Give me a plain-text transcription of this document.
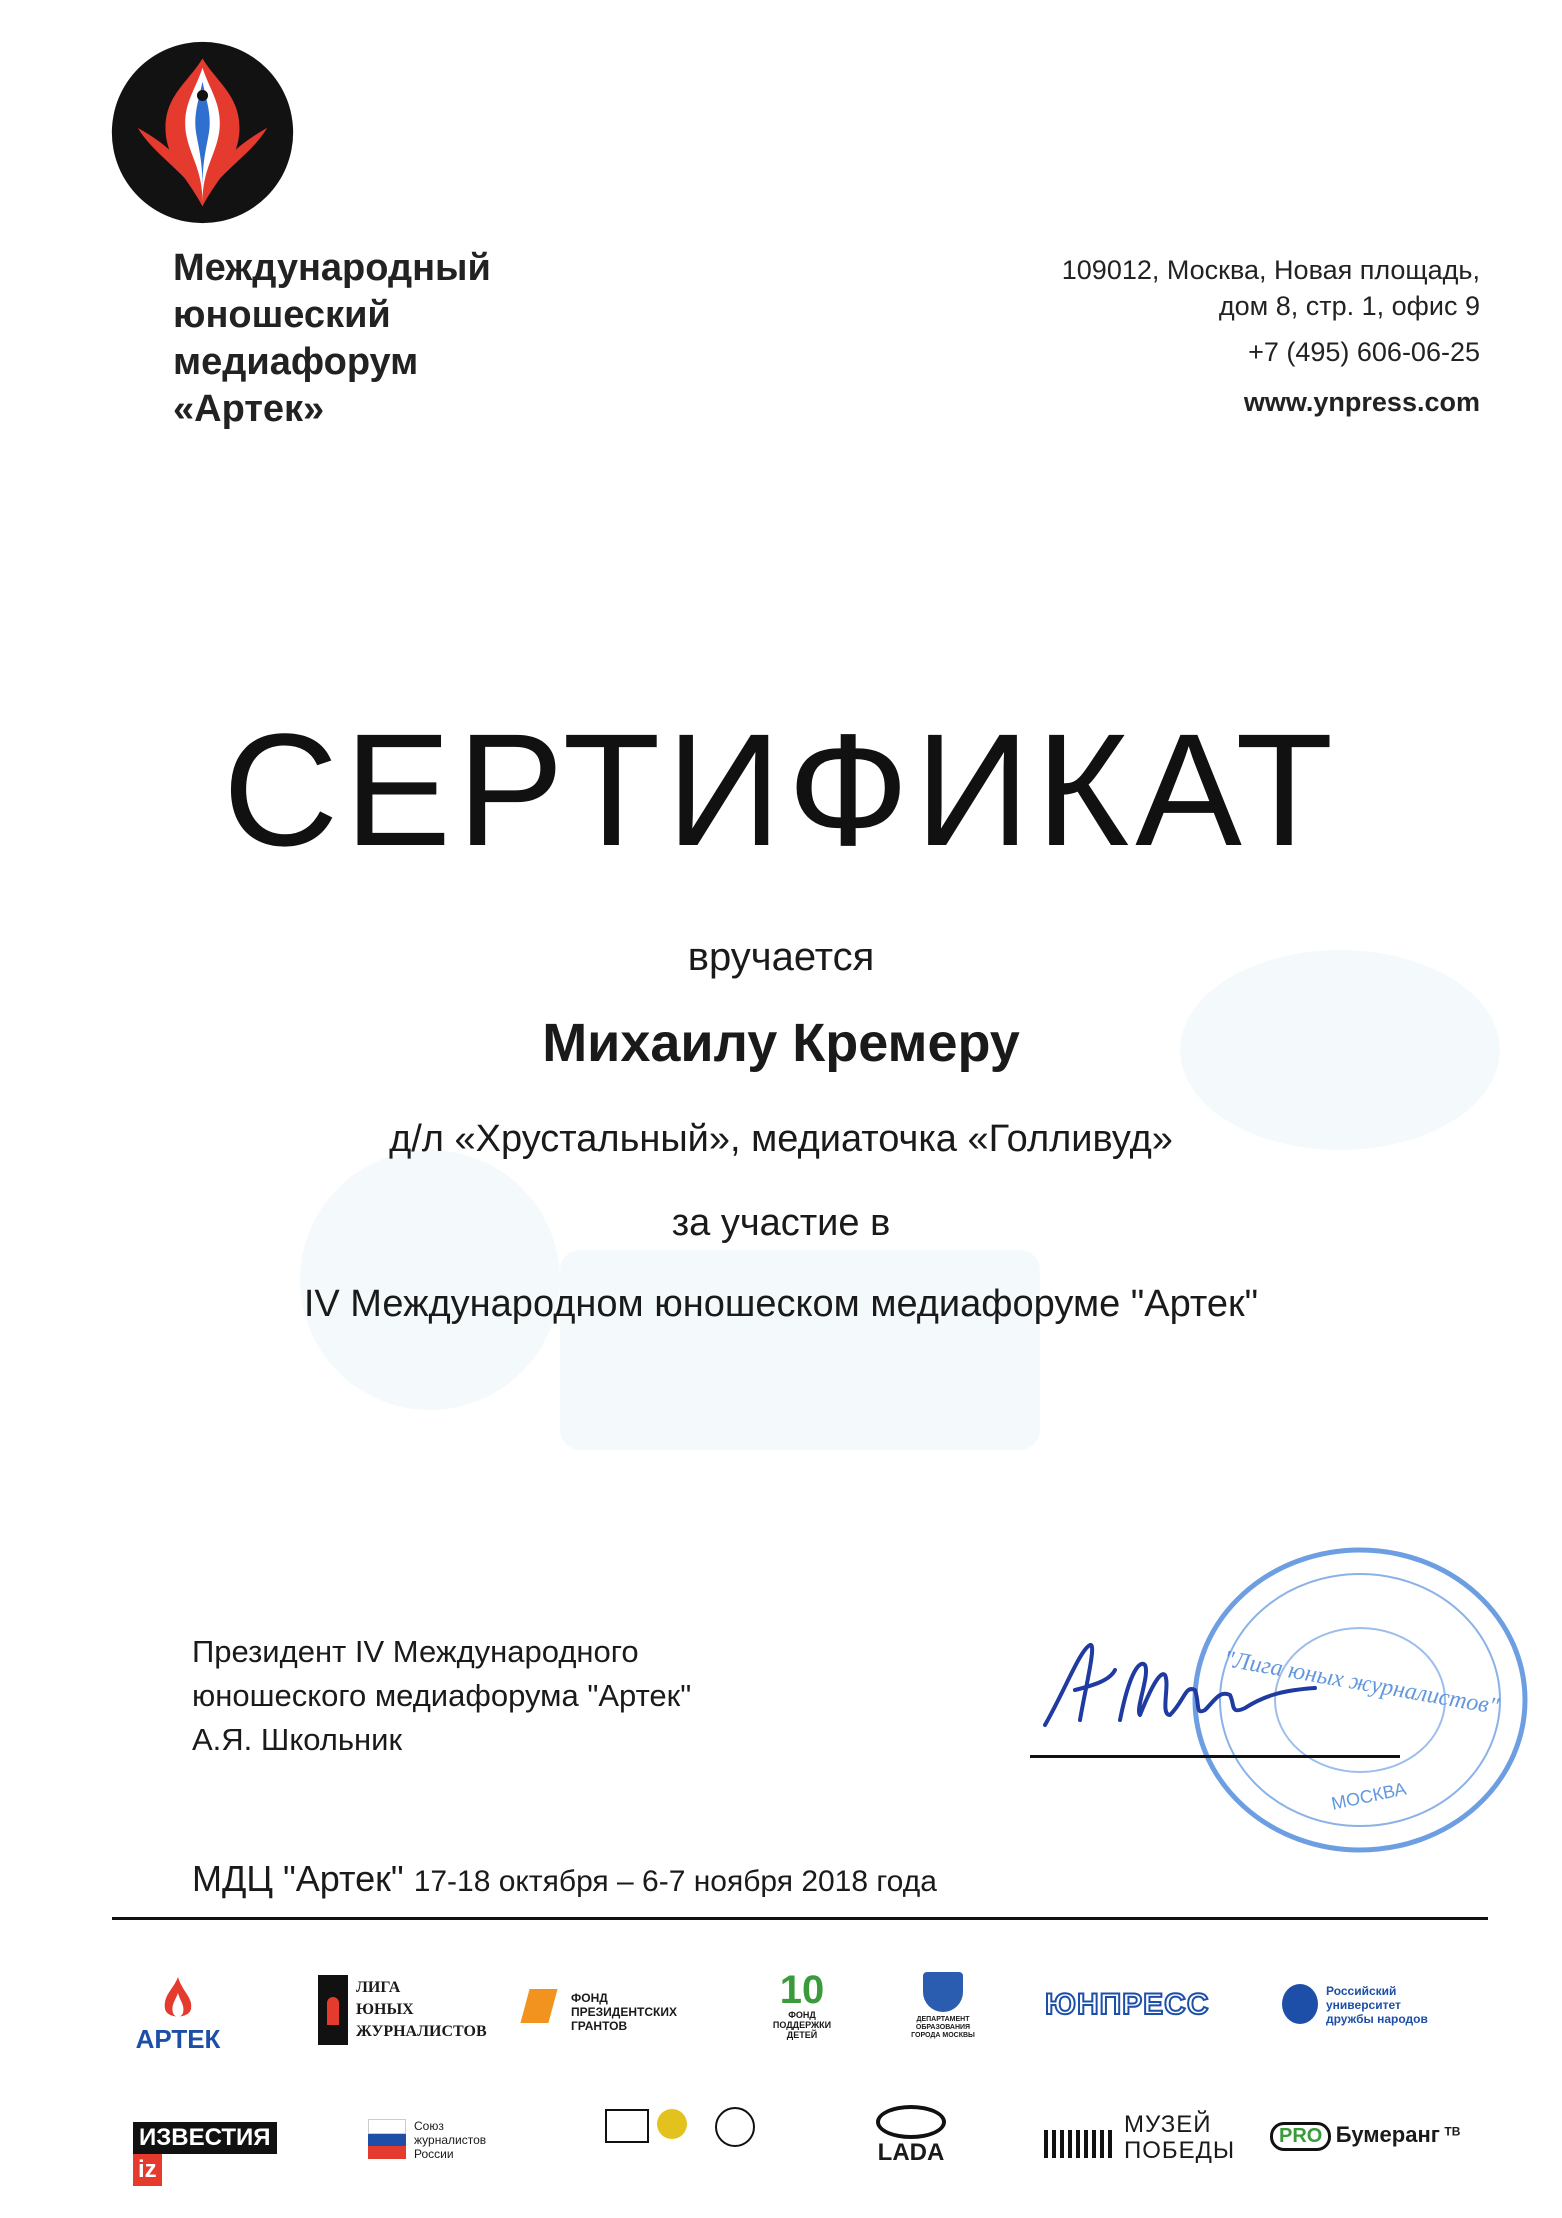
Международный
юношеский
медиафорум
«Артек»
109012, Москва, Новая площадь,
дом 8, стр. 1, офис 9
+7 (495) 606-06-25
www.ynpress.com
СЕРТИФИКАТ
вручается
Михаилу Кремеру
д/л «Хрустальный», медиаточка «Голливуд»
за участие в
IV Международном юношеском медиафоруме "Артек"
Президент IV Международного
юношеского медиафорума "Артек"
А.Я. Школьник
"Лига юных журналистов"
МОСКВА
МДЦ "Артек" 17-18 октября – 6-7 ноября 2018 года
АРТЕК
ЛИГА
ЮНЫХ
ЖУРНАЛИСТОВ
ФОНД
ПРЕЗИДЕНТСКИХ
ГРАНТОВ
10
ФОНД
ПОДДЕРЖКИ
ДЕТЕЙ
ДЕПАРТАМЕНТ
ОБРАЗОВАНИЯ
ГОРОДА МОСКВЫ
ЮНПРЕСС	Российский
университет
дружбы народов
ИЗВЕСТИЯiz
Союз
журналистов
России	LADA
МУЗЕЙ
ПОБЕДЫ
PRO Бумеранг $^{ТВ}$
